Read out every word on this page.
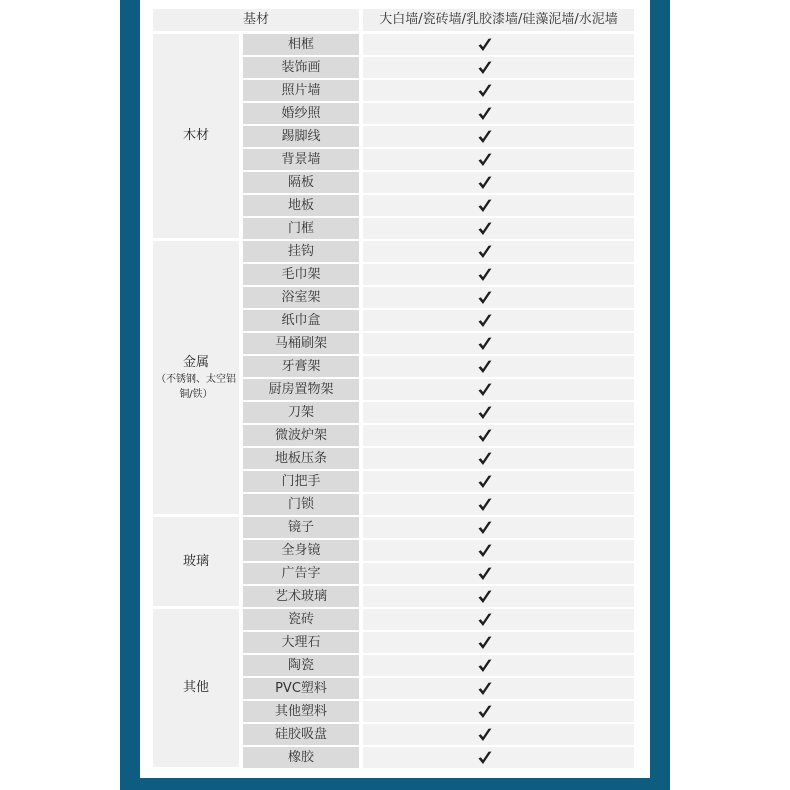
基材	大白墙/瓷砖墙/乳胶漆墙/硅藻泥墙/水泥墙
木材
金属
（不锈钢、太空铝
铜/铁）
玻璃
其他
相框
装饰画
照片墙
婚纱照
踢脚线
背景墙
隔板
地板
门框
挂钩
毛巾架
浴室架
纸巾盒
马桶刷架
牙膏架
厨房置物架
刀架
微波炉架
地板压条
门把手
门锁
镜子
全身镜
广告字
艺术玻璃
瓷砖
大理石
陶瓷
PVC塑料
其他塑料
硅胶吸盘
橡胶
